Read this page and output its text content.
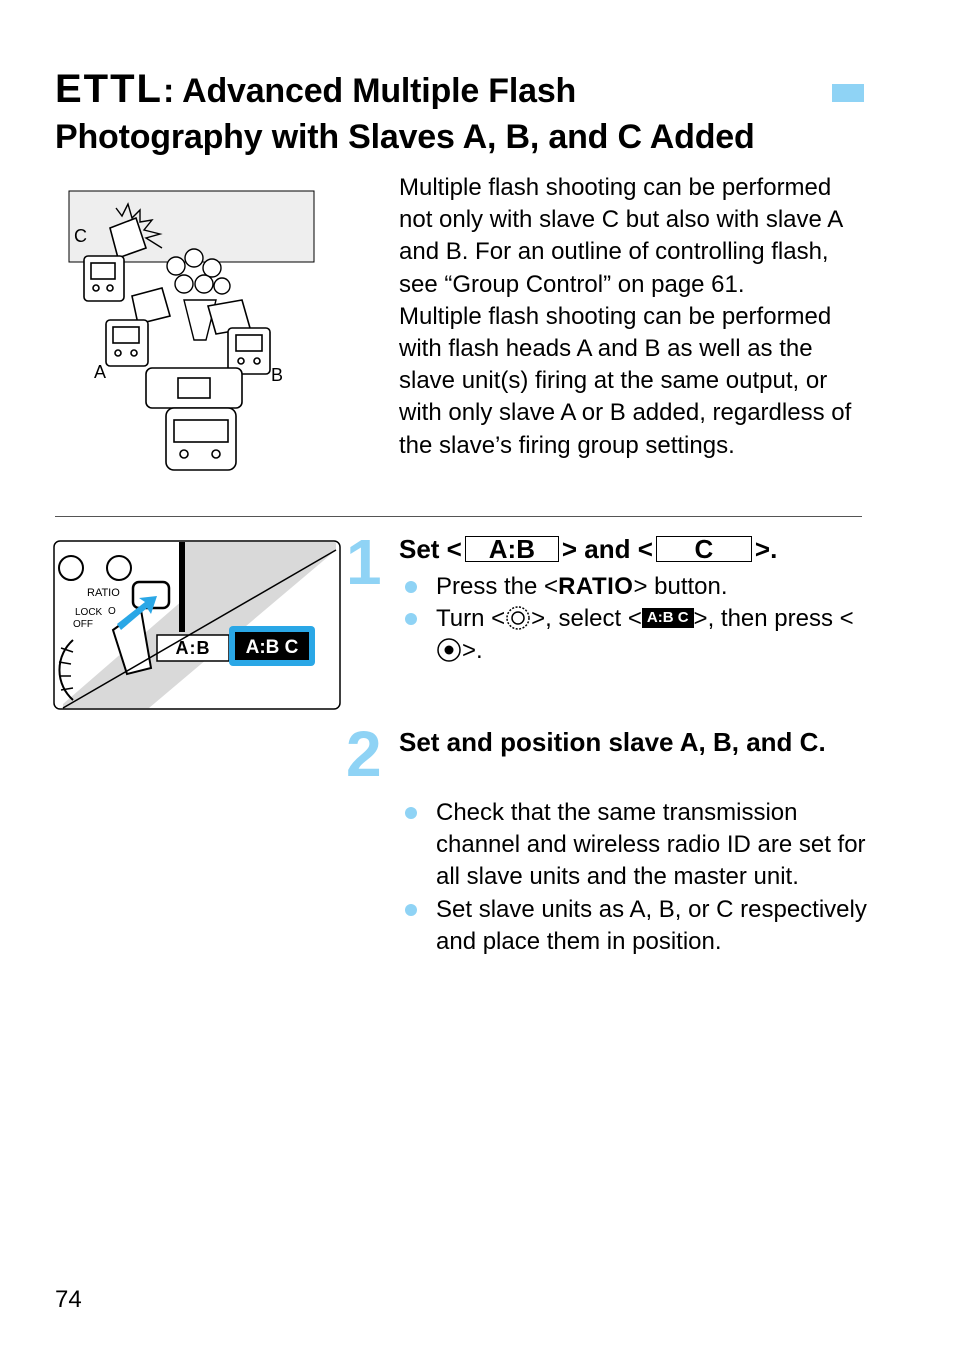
ETTL: Advanced Multiple Flash
Photography with Slaves A, B, and C Added
C
A	B
Multiple flash shooting can be performed not only with slave C but also with slave A and B. For an outline of controlling flash, see “Group Control” on page 61.
Multiple flash shooting can be performed with flash heads A and B as well as the slave unit(s) firing at the same output, or with only slave A or B added, regardless of the slave’s firing group settings.
RATIO
LOCK
OFF
O
A:B A:B C
1 Set < A:B > and < C >.
Press the <RATIO> button.
Turn < >, select < A:B C >, then press <>.
2 Set and position slave A, B, and C.
Check that the same transmission channel and wireless radio ID are set for all slave units and the master unit.
Set slave units as A, B, or C respectively and place them in position.
74
